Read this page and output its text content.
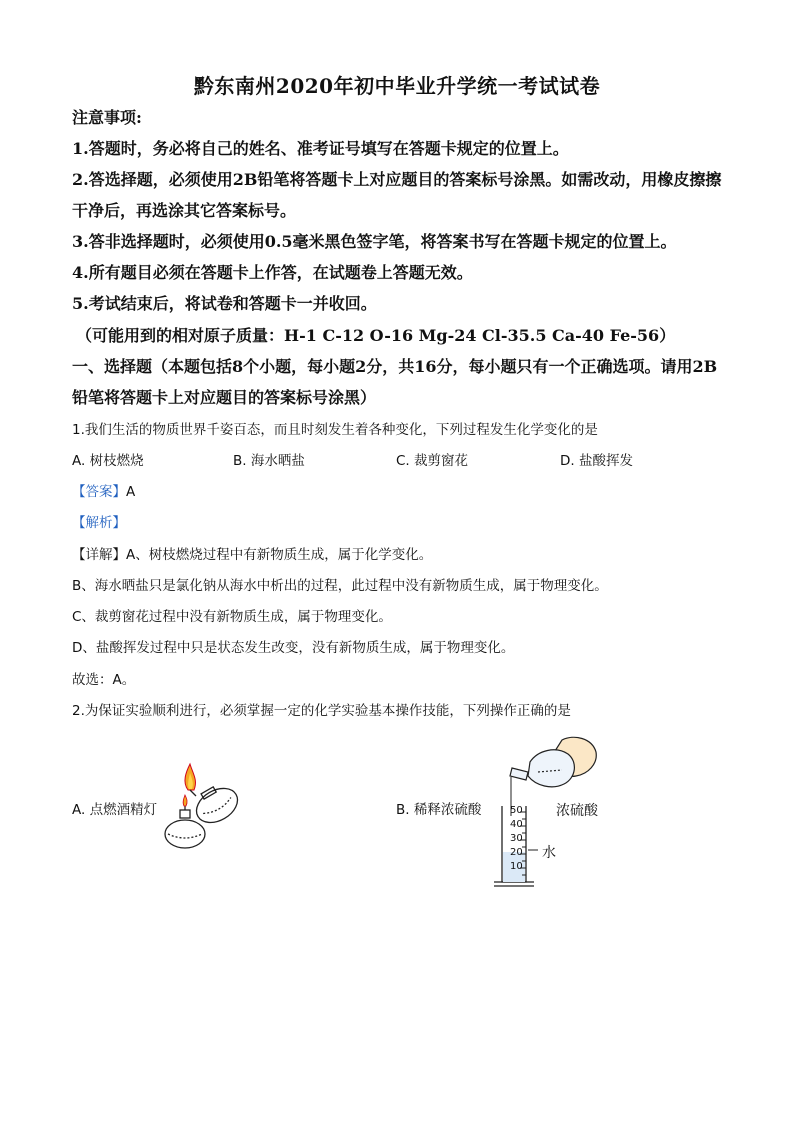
黔东南州2020年初中毕业升学统一考试试卷
注意事项:
1.答题时，务必将自己的姓名、准考证号填写在答题卡规定的位置上。
2.答选择题，必须使用2B铅笔将答题卡上对应题目的答案标号涂黑。如需改动，用橡皮擦擦
干净后，再选涂其它答案标号。
3.答非选择题时，必须使用0.5毫米黑色签字笔，将答案书写在答题卡规定的位置上。
4.所有题目必须在答题卡上作答，在试题卷上答题无效。
5.考试结束后，将试卷和答题卡一并收回。
（可能用到的相对原子质量：H-1 C-12 O-16 Mg-24 Cl-35.5 Ca-40 Fe-56）
一、选择题（本题包括8个小题，每小题2分，共16分，每小题只有一个正确选项。请用2B
铅笔将答题卡上对应题目的答案标号涂黑）
1.我们生活的物质世界千姿百态，而且时刻发生着各种变化，下列过程发生化学变化的是
A. 树枝燃烧	B. 海水晒盐	C. 裁剪窗花	D. 盐酸挥发
【答案】A
【解析】
【详解】A、树枝燃烧过程中有新物质生成，属于化学变化。
B、海水晒盐只是氯化钠从海水中析出的过程，此过程中没有新物质生成，属于物理变化。
C、裁剪窗花过程中没有新物质生成，属于物理变化。
D、盐酸挥发过程中只是状态发生改变，没有新物质生成，属于物理变化。
故选：A。
2.为保证实验顺利进行，必须掌握一定的化学实验基本操作技能，下列操作正确的是
A. 点燃酒精灯	B. 稀释浓硫酸	50
40
30
20
10
浓硫酸
水
